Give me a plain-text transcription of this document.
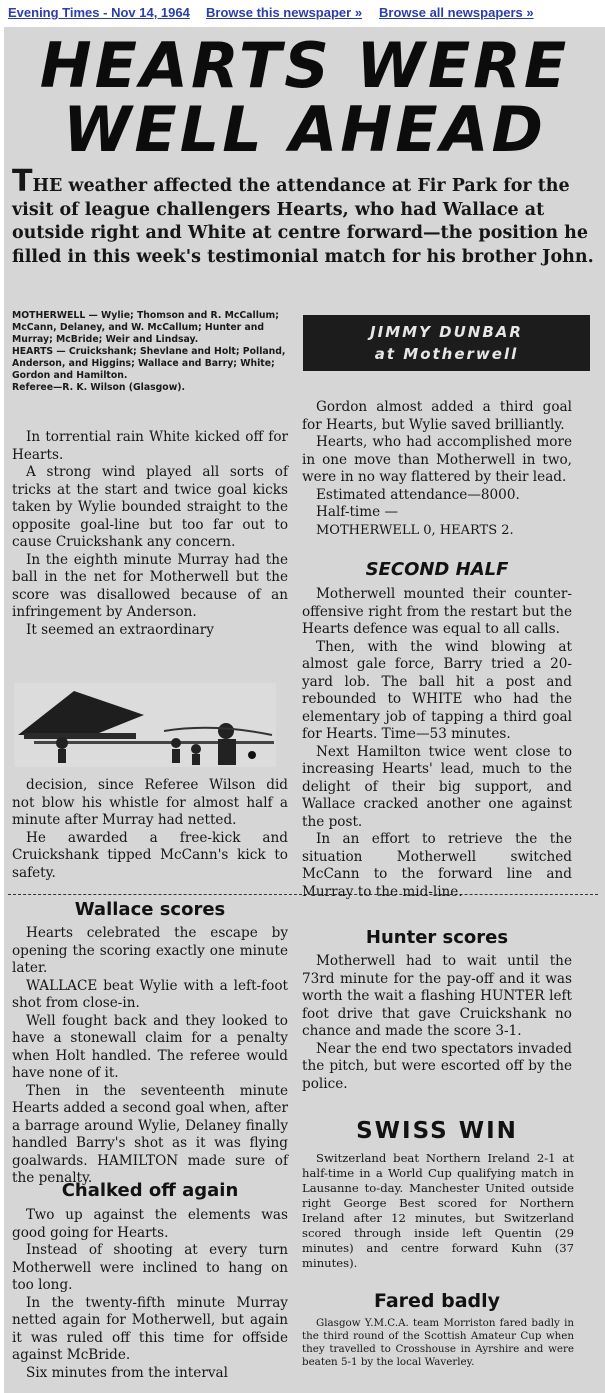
Evening Times - Nov 14, 1964 Browse this newspaper » Browse all newspapers »
HEARTS WERE
WELL AHEAD
THE weather affected the attendance at Fir Park for the visit of league challengers Hearts, who had Wallace at outside right and White at centre forward—the position he filled in this week's testimonial match for his brother John.
MOTHERWELL — Wylie; Thomson and R. McCallum; McCann, Delaney, and W. McCallum; Hunter and Murray; McBride; Weir and Lindsay.
HEARTS — Cruickshank; Shevlane and Holt; Polland, Anderson, and Higgins; Wallace and Barry; White; Gordon and Hamilton.
Referee—R. K. Wilson (Glasgow).
JIMMY DUNBAR
at Motherwell

In torrential rain White kicked off for Hearts.

A strong wind played all sorts of tricks at the start and twice goal kicks taken by Wylie bounded straight to the opposite goal-line but too far out to cause Cruickshank any concern.

In the eighth minute Murray had the ball in the net for Motherwell but the score was disallowed because of an infringement by Anderson.

It seemed an extraordinary

decision, since Referee Wilson did not blow his whistle for almost half a minute after Murray had netted.

He awarded a free-kick and Cruickshank tipped McCann's kick to safety.

Wallace scores

Hearts celebrated the escape by opening the scoring exactly one minute later.

WALLACE beat Wylie with a left-foot shot from close-in.

Well fought back and they looked to have a stonewall claim for a penalty when Holt handled. The referee would have none of it.

Then in the seventeenth minute Hearts added a second goal when, after a barrage around Wylie, Delaney finally handled Barry's shot as it was flying goalwards. HAMILTON made sure of the penalty.

Chalked off again

Two up against the elements was good going for Hearts.

Instead of shooting at every turn Motherwell were inclined to hang on too long.

In the twenty-fifth minute Murray netted again for Motherwell, but again it was ruled off this time for offside against McBride.

Six minutes from the interval

Gordon almost added a third goal for Hearts, but Wylie saved brilliantly.

Hearts, who had accomplished more in one move than Motherwell in two, were in no way flattered by their lead.

Estimated attendance—8000.

Half-time —

MOTHERWELL 0, HEARTS 2.

SECOND HALF

Motherwell mounted their counter-offensive right from the restart but the Hearts defence was equal to all calls.

Then, with the wind blowing at almost gale force, Barry tried a 20-yard lob. The ball hit a post and rebounded to WHITE who had the elementary job of tapping a third goal for Hearts. Time—53 minutes.

Next Hamilton twice went close to increasing Hearts' lead, much to the delight of their big support, and Wallace cracked another one against the post.

In an effort to retrieve the the situation Motherwell switched McCann to the forward line and Murray to the mid-line.

Hunter scores

Motherwell had to wait until the 73rd minute for the pay-off and it was worth the wait a flashing HUNTER left foot drive that gave Cruickshank no chance and made the score 3-1.

Near the end two spectators invaded the pitch, but were escorted off by the police.

SWISS WIN

Switzerland beat Northern Ireland 2-1 at half-time in a World Cup qualifying match in Lausanne to-day. Manchester United outside right George Best scored for Northern Ireland after 12 minutes, but Switzerland scored through inside left Quentin (29 minutes) and centre forward Kuhn (37 minutes).

Fared badly

Glasgow Y.M.C.A. team Morriston fared badly in the third round of the Scottish Amateur Cup when they travelled to Crosshouse in Ayrshire and were beaten 5-1 by the local Waverley.
